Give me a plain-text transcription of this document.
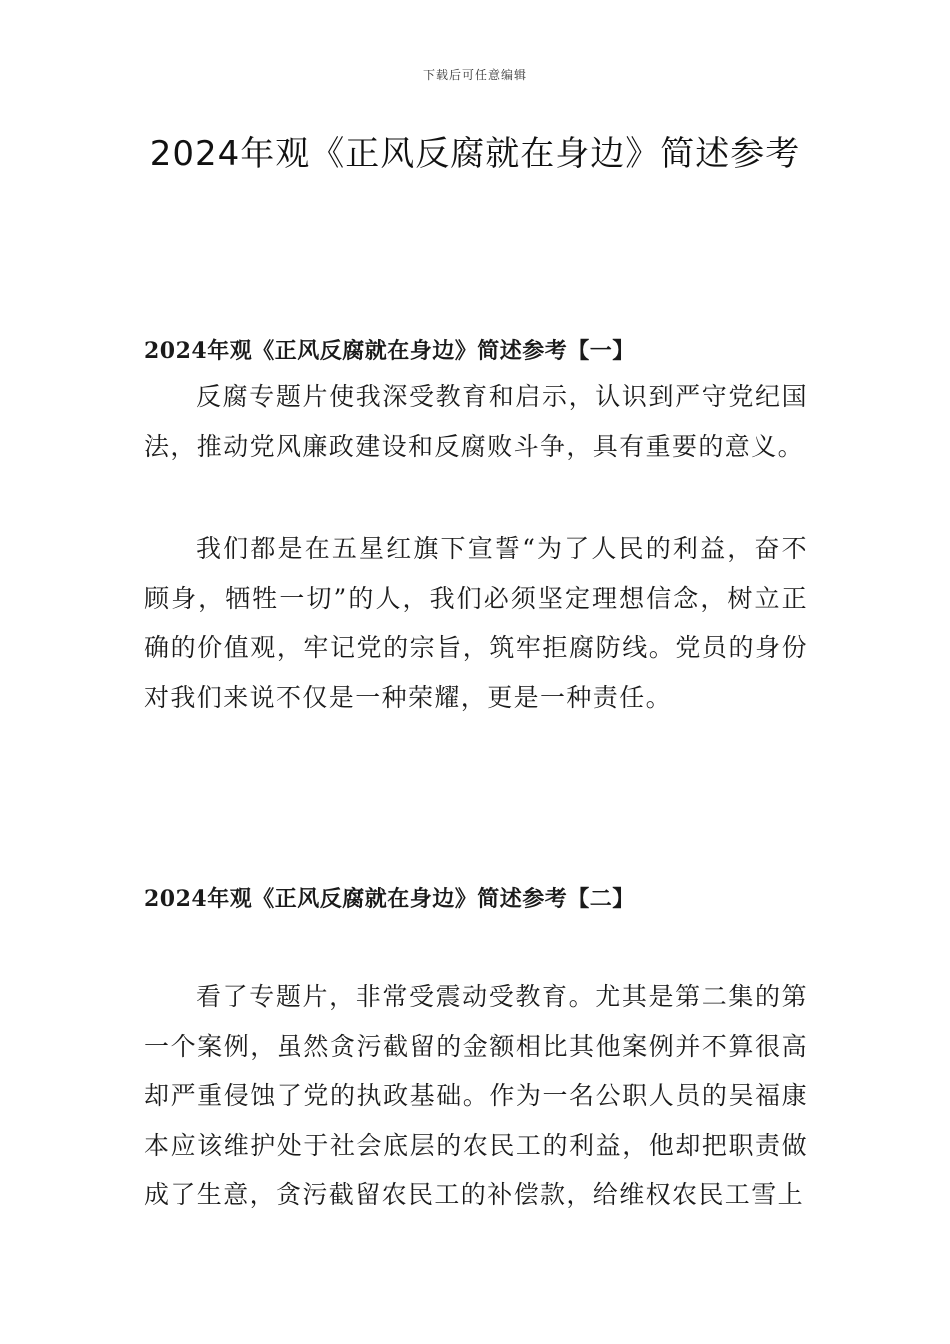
下载后可任意编辑
2024年观《正风反腐就在身边》简述参考
2024年观《正风反腐就在身边》简述参考【一】

反腐专题片使我深受教育和启示，认识到严守党纪国法，推动党风廉政建设和反腐败斗争，具有重要的意义。

我们都是在五星红旗下宣誓“为了人民的利益，奋不顾身，牺牲一切”的人，我们必须坚定理想信念，树立正确的价值观，牢记党的宗旨，筑牢拒腐防线。党员的身份对我们来说不仅是一种荣耀，更是一种责任。

2024年观《正风反腐就在身边》简述参考【二】

看了专题片，非常受震动受教育。尤其是第二集的第一个案例，虽然贪污截留的金额相比其他案例并不算很高却严重侵蚀了党的执政基础。作为一名公职人员的吴福康本应该维护处于社会底层的农民工的利益，他却把职责做成了生意，贪污截留农民工的补偿款，给维权农民工雪上
